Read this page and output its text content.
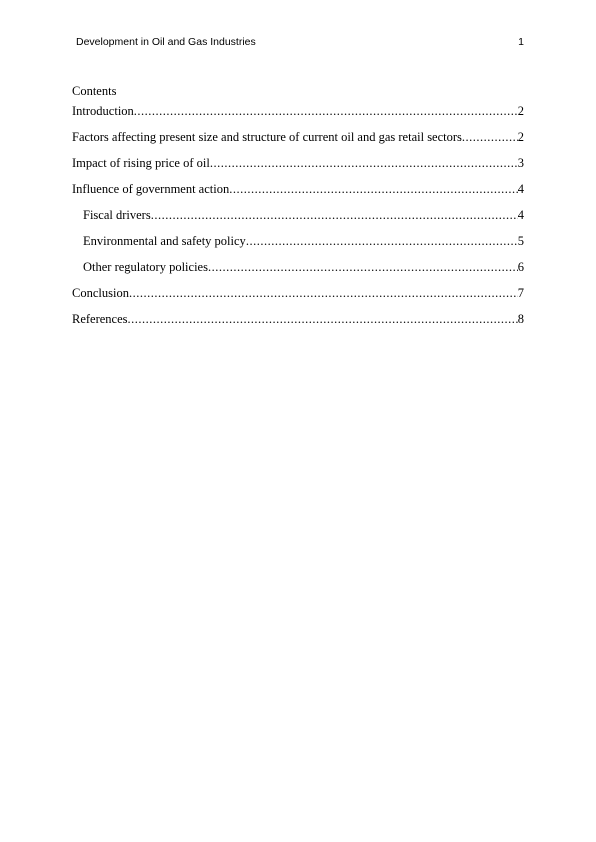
Development in Oil and Gas Industries	1
Contents
Introduction .....	2
Factors affecting present size and structure of current oil and gas retail sectors .....	2
Impact of rising price of oil .....	3
Influence of government action .....	4
Fiscal drivers .....	4
Environmental and safety policy .....	5
Other regulatory policies .....	6
Conclusion .....	7
References .....	8
